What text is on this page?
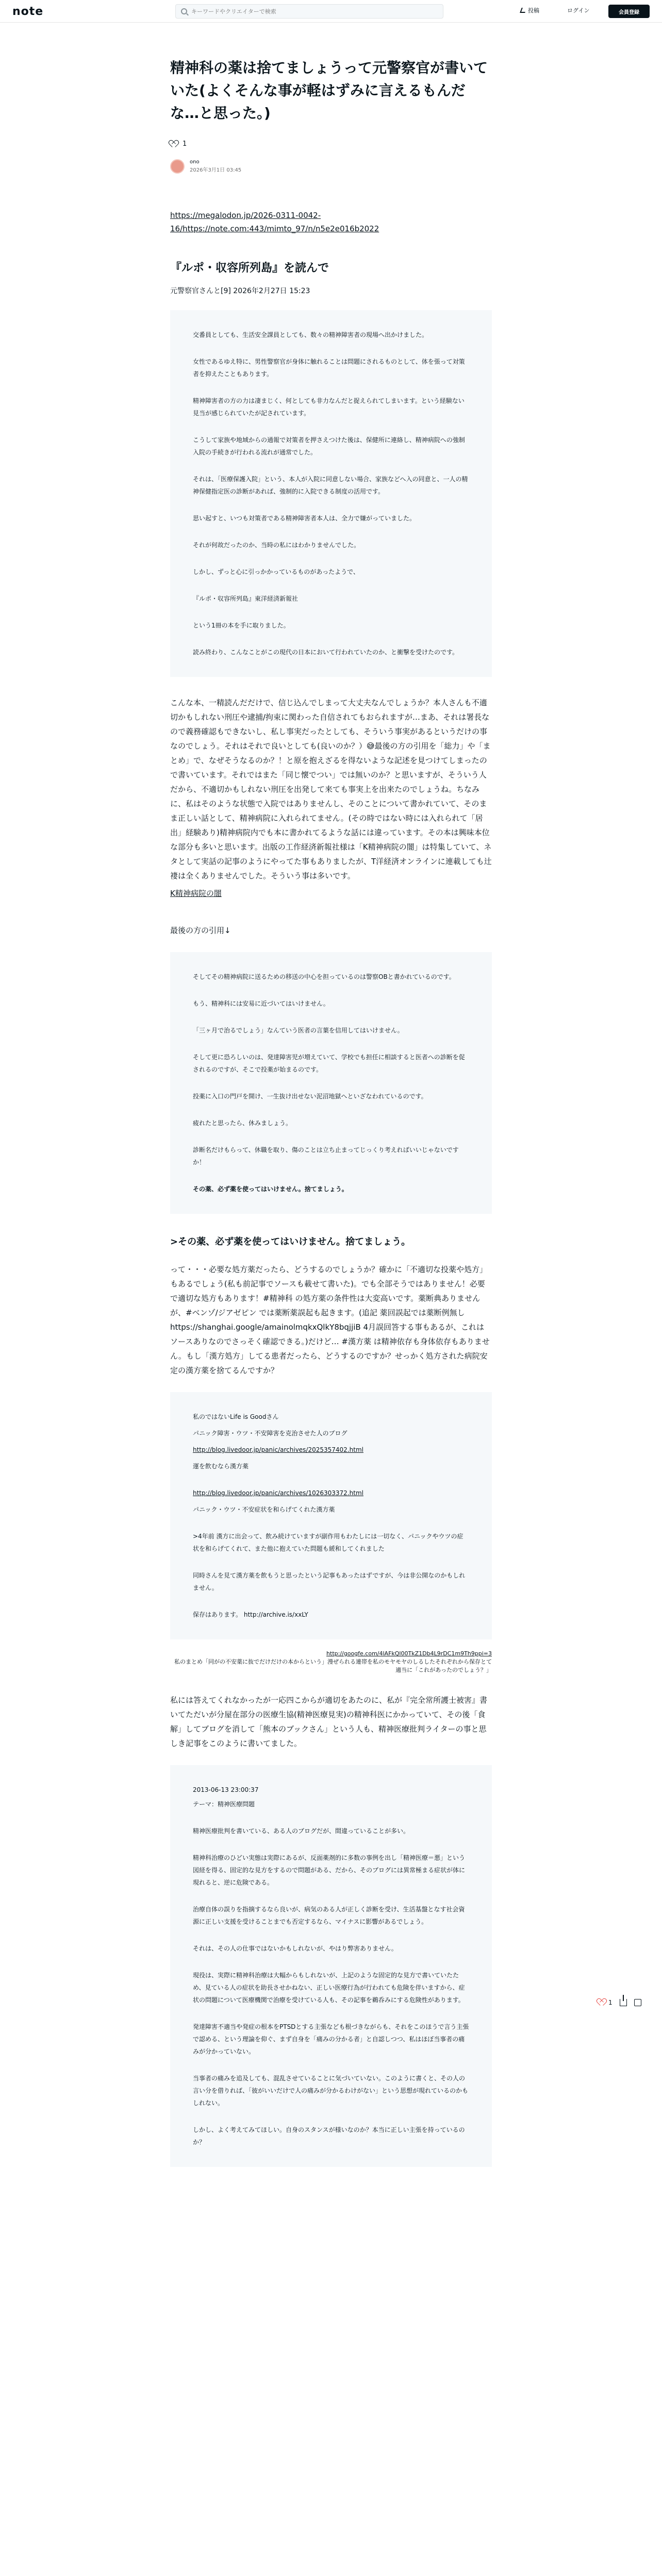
note
キーワードやクリエイターで検索	投稿	ログイン	会員登録
精神科の薬は捨てましょうって元警察官が書いていた(よくそんな事が軽はずみに言えるもんだな…と思った。)
1
ono
2026年3月1日 03:45
https://megalodon.jp/2026-0311-0042-
16/https://note.com:443/mimto_97/n/n5e2e016b2022
『ルポ・収容所列島』を読んで
元警察官さんと[9] 2026年2月27日 15:23

交番員としても、生活安全課員としても、数々の精神障害者の現場へ出かけました。

女性であるゆえ特に、男性警察官が身体に触れることは問題にされるものとして、体を張って対策者を抑えたこともあります。

精神障害者の方の力は凄まじく、何としても非力なんだと捉えられてしまいます。という経験ない見当が感じられていたが記されています。

こうして家族や地域からの通報で対策者を押さえつけた後は、保健所に連絡し、精神病院への強制入院の手続きが行われる流れが通常でした。

それは、「医療保護入院」という、本人が入院に同意しない場合、家族などへ入の同意と、一人の精神保健指定医の診断があれば、強制的に入院できる制度の活用です。

思い起すと、いつも対策者である精神障害者本人は、全力で嫌がっていました。

それが何故だったのか、当時の私にはわかりませんでした。

しかし、ずっと心に引っかかっているものがあったようで、

『ルポ・収容所列島』東洋経済新報社

という1冊の本を手に取りました。

読み終わり、こんなことがこの現代の日本において行われていたのか、と衝撃を受けたのです。

こんな本、一精読んだだけで、信じ込んでしまって大丈夫なんでしょうか？本人さんも不適切かもしれない刑圧や逮捕/拘束に関わった自信されてもおられますが…まあ、それは署長なので義務確認もできないし、私し事実だったとしても、そういう事実があるというだけの事なのでしょう。それはそれで良いとしても(良いのか？）😅最後の方の引用を「総力」や「まとめ」で、なぜそうなるのか？！と原を抱えざるを得ないような記述を見つけてしまったので書いています。それではまた「同じ懐でつい」では無いのか？と思いますが、そういう人だから、不適切かもしれない刑圧を出発して来ても事実上を出来たのでしょうね。ちなみに、私はそのような状態で入院ではありませんし、そのことについて書かれていて、そのまま正しい話として、精神病院に入れられてません。(その時ではない時には入れられて「居出」経験あり)精神病院内でも本に書かれてるような話には違っています。その本は興味本位な部分も多いと思います。出版の工作経済新報社様は「K精神病院の闇」は特集していて、ネタとして実話の記事のようにやってた事もありましたが、T洋経済オンラインに連載しても辻褄は全くありませんでした。そういう事は多いです。

K精神病院の闇

最後の方の引用↓

そしてその精神病院に送るための移送の中心を担っているのは警察OBと書かれているのです。

もう、精神科には安易に近づいてはいけません。

「三ヶ月で治るでしょう」なんていう医者の言葉を信用してはいけません。

そして更に恐ろしいのは、発達障害児が増えていて、学校でも担任に相談すると医者への診断を促されるのですが、そこで投薬が始まるのです。

投薬に入口の門戸を開け、一生抜け出せない泥沼地獄へといざなわれているのです。

疲れたと思ったら、休みましょう。

診断名だけもらって、休職を取り、傷のことは立ち止まってじっくり考えればいいじゃないですか！

その薬、必ず薬を使ってはいけません。捨てましょう。

>その薬、必ず薬を使ってはいけません。捨てましょう。

って・・・必要な処方薬だったら、どうするのでしょうか？確かに「不適切な投薬や処方」もあるでしょう(私も前記事でソースも載せて書いた)。でも全部そうではありません！必要で適切な処方もあります！#精神科 の処方薬の条件性は大変高いです。薬断典ありませんが、#ベンゾ/ジアゼピン では薬断薬誤起も起きます。(追記 薬回誤起では薬断例無し https://shanghai.google/amainolmqkxQlkY8bqjjiB 4月誤回答する事もあるが、これはソースありなのでさっそく確認できる。)だけど… #漢方薬 は精神依存も身体依存もありません。もし「漢方処方」してる患者だったら、どうするのですか？せっかく処方された病院安定の漢方薬を捨てるんですか？

私のではないLife is Goodさん

パニック障害・ウツ・不安障害を克治させた人のブログ

http://blog.livedoor.jp/panic/archives/2025357402.html

運を飲むなら漢方薬

http://blog.livedoor.jp/panic/archives/1026303372.html

パニック・ウツ・不安症状を和らげてくれた漢方薬

>4年前 漢方に出会って、飲み続けていますが副作用もわたしには一切なく、パニックやウツの症状を和らげてくれて、また他に抱えていた問題も緩和してくれました

同時さんを見て漢方薬を飲もうと思ったという記事もあったはずですが、今は非公開なのかもしれません。

保存はあります。 http://archive.is/xxLY

http://googfe.com/4lAFkQl00TkZ1Db4L9rDC1m9Th9ppi=3
私のまとめ「同がの不安薬に抜でだけだけの本からという」漫ぜられる連帯を私のモヤモヤのしるしたそれぞれから保存とて適当に「これがあったのでしょう？」

私には答えてくれなかったが一応四こからが適切をあたのに、私が『完全常所護士被害』書いてただいが分屋在部分の医療生協(精神医療見実)の精神科医にかかっていて、その後「食解」してブログを消して「熊本のブックさん」という人も、精神医療批判ライターの事と思しき記事をこのように書いてました。

2013-06-13 23:00:37

テーマ：精神医療問題

精神医療批判を書いている、ある人のブログだが、間違っていることが多い。

精神科治療のひどい実態は実際にあるが、反面薬剤的に多数の事例を出し「精神医療＝悪」という図経を得る、固定的な見方をするので問題がある、だから、そのブログには異常極まる症状が体に現れると、逆に危険である。

治療自体の誤りを指摘するなら良いが、病気のある人が正しく診断を受け、生活基盤となす社会資源に正しい支援を受けることまでも否定するなら、マイナスに影響があるでしょう。

それは、その人の仕事ではないかもしれないが、やはり弊害ありません。

現役は、実際に精神科治療は大幅からもしれないが、上記のような固定的な見方で書いていたため、見ている人の症状を助長させかねない、正しい医療行為が行われても危険を伴いますから、症状の問題について医療機関で治療を受けている人も、その記事を鵜呑みにする危険性があります。

発達障害不適当や発症の根本をPTSDとする主張なども根づきながらも、それをこのほうで言う主張で認める、という理論を仰ぐ、まず自身を「痛みの分かる者」と自認しつつ、私はほぼ当事者の痛みが分かっていない。

当事者の痛みを追及しても、混乱させていることに気づいていない。このように書くと、その人の言い分を借りれば、「彼がいいだけで人の痛みが分かるわけがない」という思想が現れているのかもしれない。

しかし、よく考えてみてほしい。自身のスタンスが様いなのか？本当に正しい主張を持っているのか？

1
